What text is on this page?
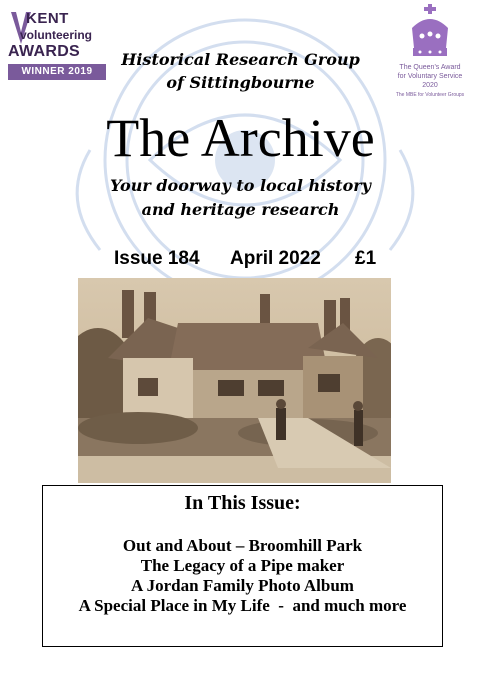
KENT
volunteering
AWARDS
WINNER 2019	The Queen's Award
for Voluntary Service
2020
The MBE for Volunteer Groups
Historical Research Group
of Sittingbourne
The Archive
Your doorway to local history
and heritage research
Issue 184 April 2022 £1
In This Issue:
Out and About – Broomhill Park
The Legacy of a Pipe maker
A Jordan Family Photo Album
A Special Place in My Life  -  and much more
